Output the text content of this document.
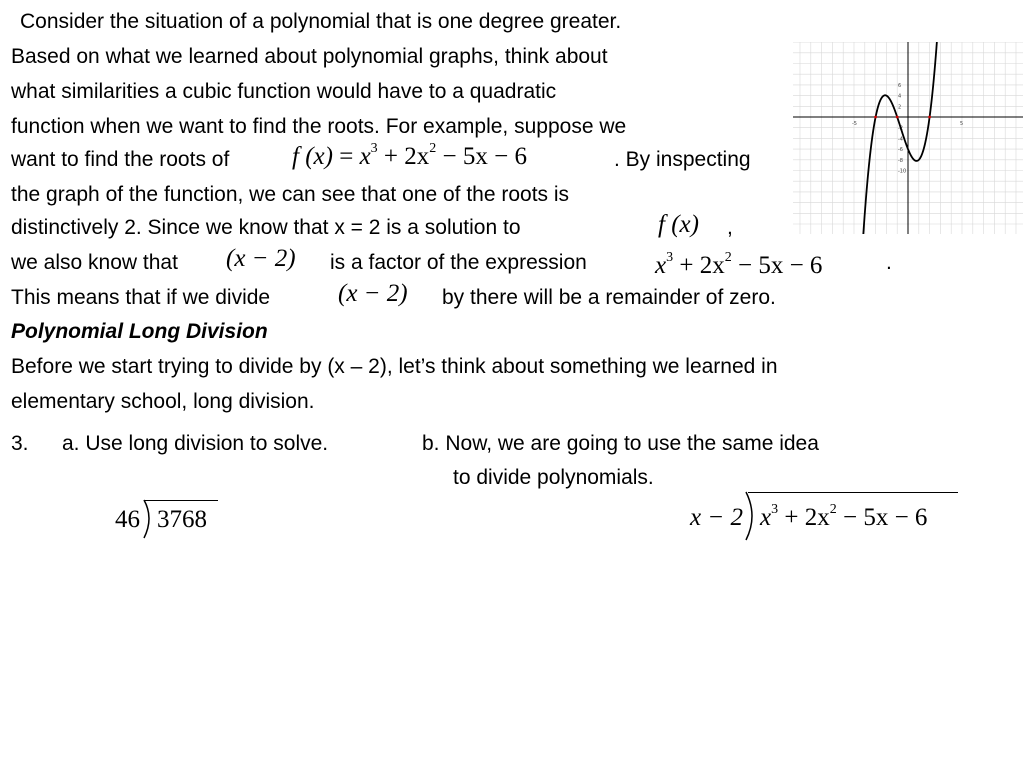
Consider the situation of a polynomial that is one degree greater.
Based on what we learned about polynomial graphs, think about
what similarities a cubic function would have to a quadratic
function when we want to find the roots. For example, suppose we
want to find the roots of	f $(x) = x^3 + 2x^2 - 5x - 6$	. By inspecting
the graph of the function, we can see that one of the roots is
distinctively 2. Since we know that x = 2 is a solution to	f (x) ,
we also know that (x − 2) is a factor of the expression	$x^3 + 2x^2 - 5x - 6$	.
This means that if we divide	(x − 2) by there will be a remainder of zero.
Polynomial Long Division
Before we start trying to divide by (x – 2), let’s think about something we learned in
elementary school, long division.
3. a. Use long division to solve.	b. Now, we are going to use the same idea
to divide polynomials.
46 3768	x − 2 $x^3 + 2x^2 - 5x - 6$
-5	5
6
4
2
-2
-4
-6
-8
-10
